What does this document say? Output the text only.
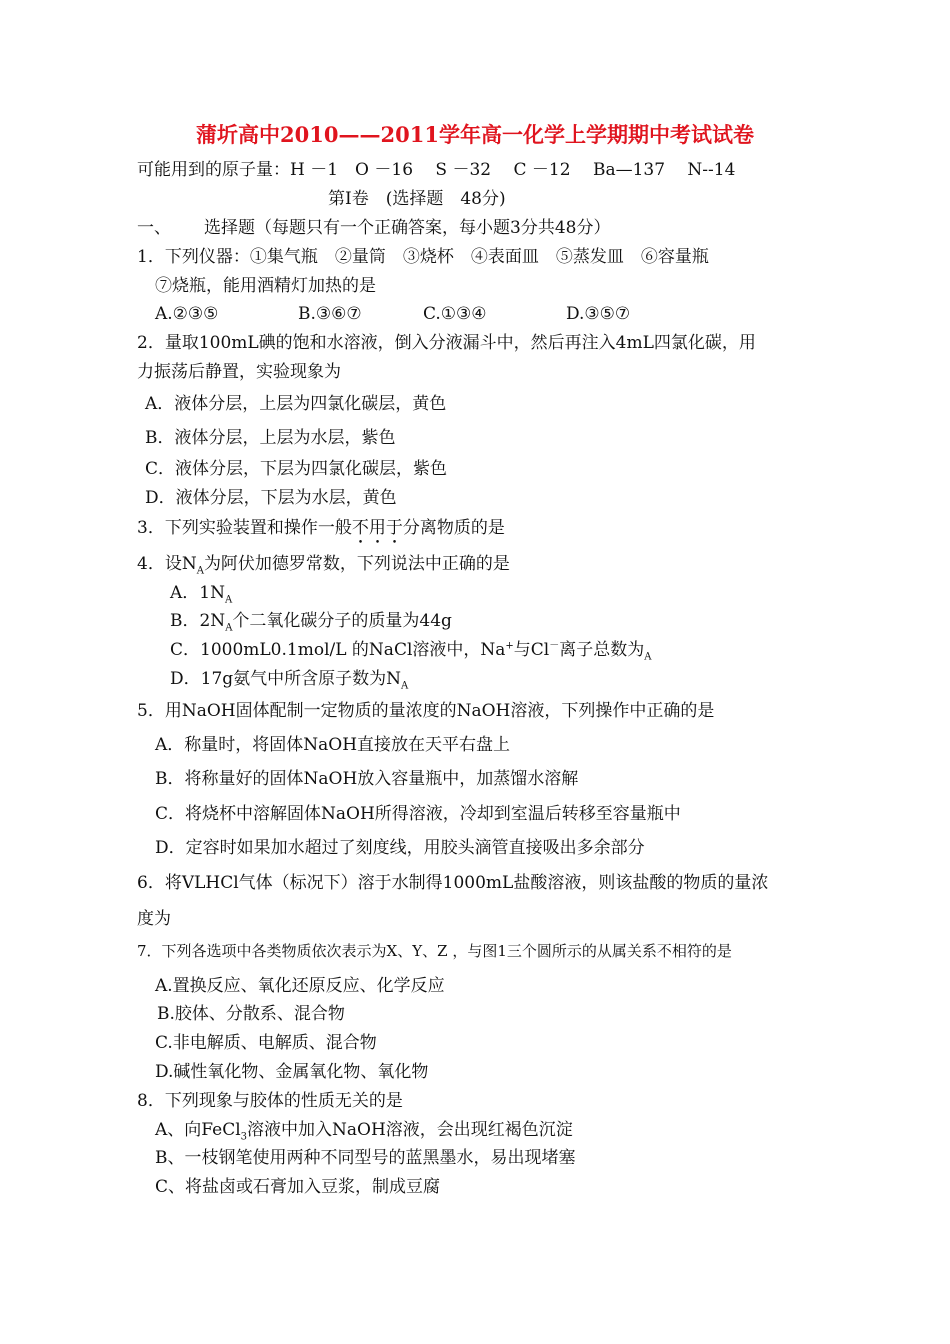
蒲圻高中2010——2011学年高一化学上学期期中考试试卷
可能用到的原子量：H －1　O －16　 S －32　 C －12　 Ba—137　 N--14
第Ⅰ卷　(选择题　48分)
一、 选择题（每题只有一个正确答案，每小题3分共48分）
1．下列仪器：①集气瓶　②量筒　③烧杯　④表面皿　⑤蒸发皿　⑥容量瓶
⑦烧瓶，能用酒精灯加热的是
A.②③⑤	B.③⑥⑦	C.①③④	D.③⑤⑦
2．量取100mL碘的饱和水溶液，倒入分液漏斗中，然后再注入4mL四氯化碳，用
力振荡后静置，实验现象为
A．液体分层，上层为四氯化碳层，黄色
B．液体分层，上层为水层，紫色
C．液体分层，下层为四氯化碳层，紫色
D．液体分层，下层为水层，黄色
3．下列实验装置和操作一般不用于分离物质的是
4．设$N_A$为阿伏加德罗常数，下列说法中正确的是
A．$1N_A$
B．$2N_A$个二氧化碳分子的质量为44g
C．1000mL0.1mol/L 的NaCl溶液中，Na+与Cl－离子总数为$_A$
D．17g氨气中所含原子数为$N_A$
5．用NaOH固体配制一定物质的量浓度的NaOH溶液，下列操作中正确的是
A．称量时，将固体NaOH直接放在天平右盘上
B．将称量好的固体NaOH放入容量瓶中，加蒸馏水溶解
C．将烧杯中溶解固体NaOH所得溶液，冷却到室温后转移至容量瓶中
D．定容时如果加水超过了刻度线，用胶头滴管直接吸出多余部分
6．将VLHCl气体（标况下）溶于水制得1000mL盐酸溶液，则该盐酸的物质的量浓
度为
7．下列各选项中各类物质依次表示为X、Y、Z ，与图1三个圆所示的从属关系不相符的是
A.置换反应、氧化还原反应、化学反应
B.胶体、分散系、混合物
C.非电解质、电解质、混合物
D.碱性氧化物、金属氧化物、氧化物
8．下列现象与胶体的性质无关的是
A、向FeCl$_3$溶液中加入NaOH溶液，会出现红褐色沉淀
B、一枝钢笔使用两种不同型号的蓝黑墨水，易出现堵塞
C、将盐卤或石膏加入豆浆，制成豆腐
